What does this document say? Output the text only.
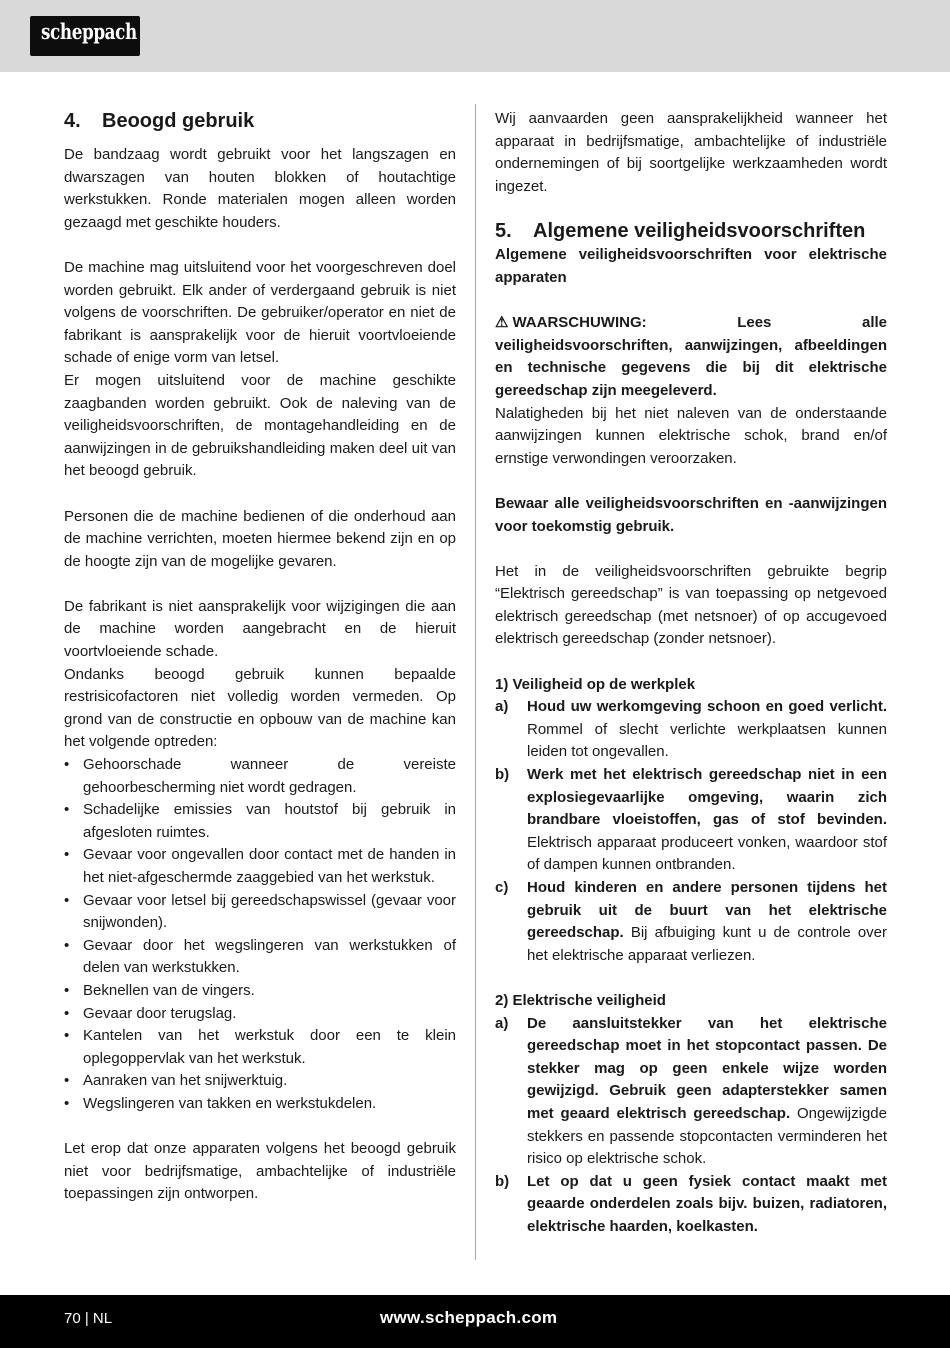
scheppach
4. Beoogd gebruik

De bandzaag wordt gebruikt voor het langszagen en dwarszagen van houten blokken of houtachtige werkstukken. Ronde materialen mogen alleen worden gezaagd met geschikte houders.

De machine mag uitsluitend voor het voorgeschreven doel worden gebruikt. Elk ander of verdergaand gebruik is niet volgens de voorschriften. De gebruiker/operator en niet de fabrikant is aansprakelijk voor de hieruit voortvloeiende schade of enige vorm van letsel.

Er mogen uitsluitend voor de machine geschikte zaagbanden worden gebruikt. Ook de naleving van de veiligheidsvoorschriften, de montagehandleiding en de aanwijzingen in de gebruikshandleiding maken deel uit van het beoogd gebruik.

Personen die de machine bedienen of die onderhoud aan de machine verrichten, moeten hiermee bekend zijn en op de hoogte zijn van de mogelijke gevaren.

De fabrikant is niet aansprakelijk voor wijzigingen die aan de machine worden aangebracht en de hieruit voortvloeiende schade.

Ondanks beoogd gebruik kunnen bepaalde restrisicofactoren niet volledig worden vermeden. Op grond van de constructie en opbouw van de machine kan het volgende optreden:

• Gehoorschade wanneer de vereiste gehoorbescherming niet wordt gedragen.
• Schadelijke emissies van houtstof bij gebruik in afgesloten ruimtes.
• Gevaar voor ongevallen door contact met de handen in het niet-afgeschermde zaaggebied van het werkstuk.
• Gevaar voor letsel bij gereedschapswissel (gevaar voor snijwonden).
• Gevaar door het wegslingeren van werkstukken of delen van werkstukken.
• Beknellen van de vingers.
• Gevaar door terugslag.
• Kantelen van het werkstuk door een te klein oplegoppervlak van het werkstuk.
• Aanraken van het snijwerktuig.
• Wegslingeren van takken en werkstukdelen.

Let erop dat onze apparaten volgens het beoogd gebruik niet voor bedrijfsmatige, ambachtelijke of industriële toepassingen zijn ontworpen.

Wij aanvaarden geen aansprakelijkheid wanneer het apparaat in bedrijfsmatige, ambachtelijke of industriële ondernemingen of bij soortgelijke werkzaamheden wordt ingezet.

5. Algemene veiligheidsvoorschriften

Algemene veiligheidsvoorschriften voor elektrische apparaten

⚠ WAARSCHUWING: Lees alle veiligheidsvoorschriften, aanwijzingen, afbeeldingen en technische gegevens die bij dit elektrische gereedschap zijn meegeleverd.

Nalatigheden bij het niet naleven van de onderstaande aanwijzingen kunnen elektrische schok, brand en/of ernstige verwondingen veroorzaken.

Bewaar alle veiligheidsvoorschriften en -aanwijzingen voor toekomstig gebruik.

Het in de veiligheidsvoorschriften gebruikte begrip “Elektrisch gereedschap” is van toepassing op netgevoed elektrisch gereedschap (met netsnoer) of op accugevoed elektrisch gereedschap (zonder netsnoer).

1) Veiligheid op de werkplek

a) Houd uw werkomgeving schoon en goed verlicht. Rommel of slecht verlichte werkplaatsen kunnen leiden tot ongevallen.
b) Werk met het elektrisch gereedschap niet in een explosiegevaarlijke omgeving, waarin zich brandbare vloeistoffen, gas of stof bevinden. Elektrisch apparaat produceert vonken, waardoor stof of dampen kunnen ontbranden.
c) Houd kinderen en andere personen tijdens het gebruik uit de buurt van het elektrische gereedschap. Bij afbuiging kunt u de controle over het elektrische apparaat verliezen.

2) Elektrische veiligheid

a) De aansluitstekker van het elektrische gereedschap moet in het stopcontact passen. De stekker mag op geen enkele wijze worden gewijzigd. Gebruik geen adapterstekker samen met geaard elektrisch gereedschap. Ongewijzigde stekkers en passende stopcontacten verminderen het risico op elektrische schok.
b) Let op dat u geen fysiek contact maakt met geaarde onderdelen zoals bijv. buizen, radiatoren, elektrische haarden, koelkasten.
70 | NL	www.scheppach.com
